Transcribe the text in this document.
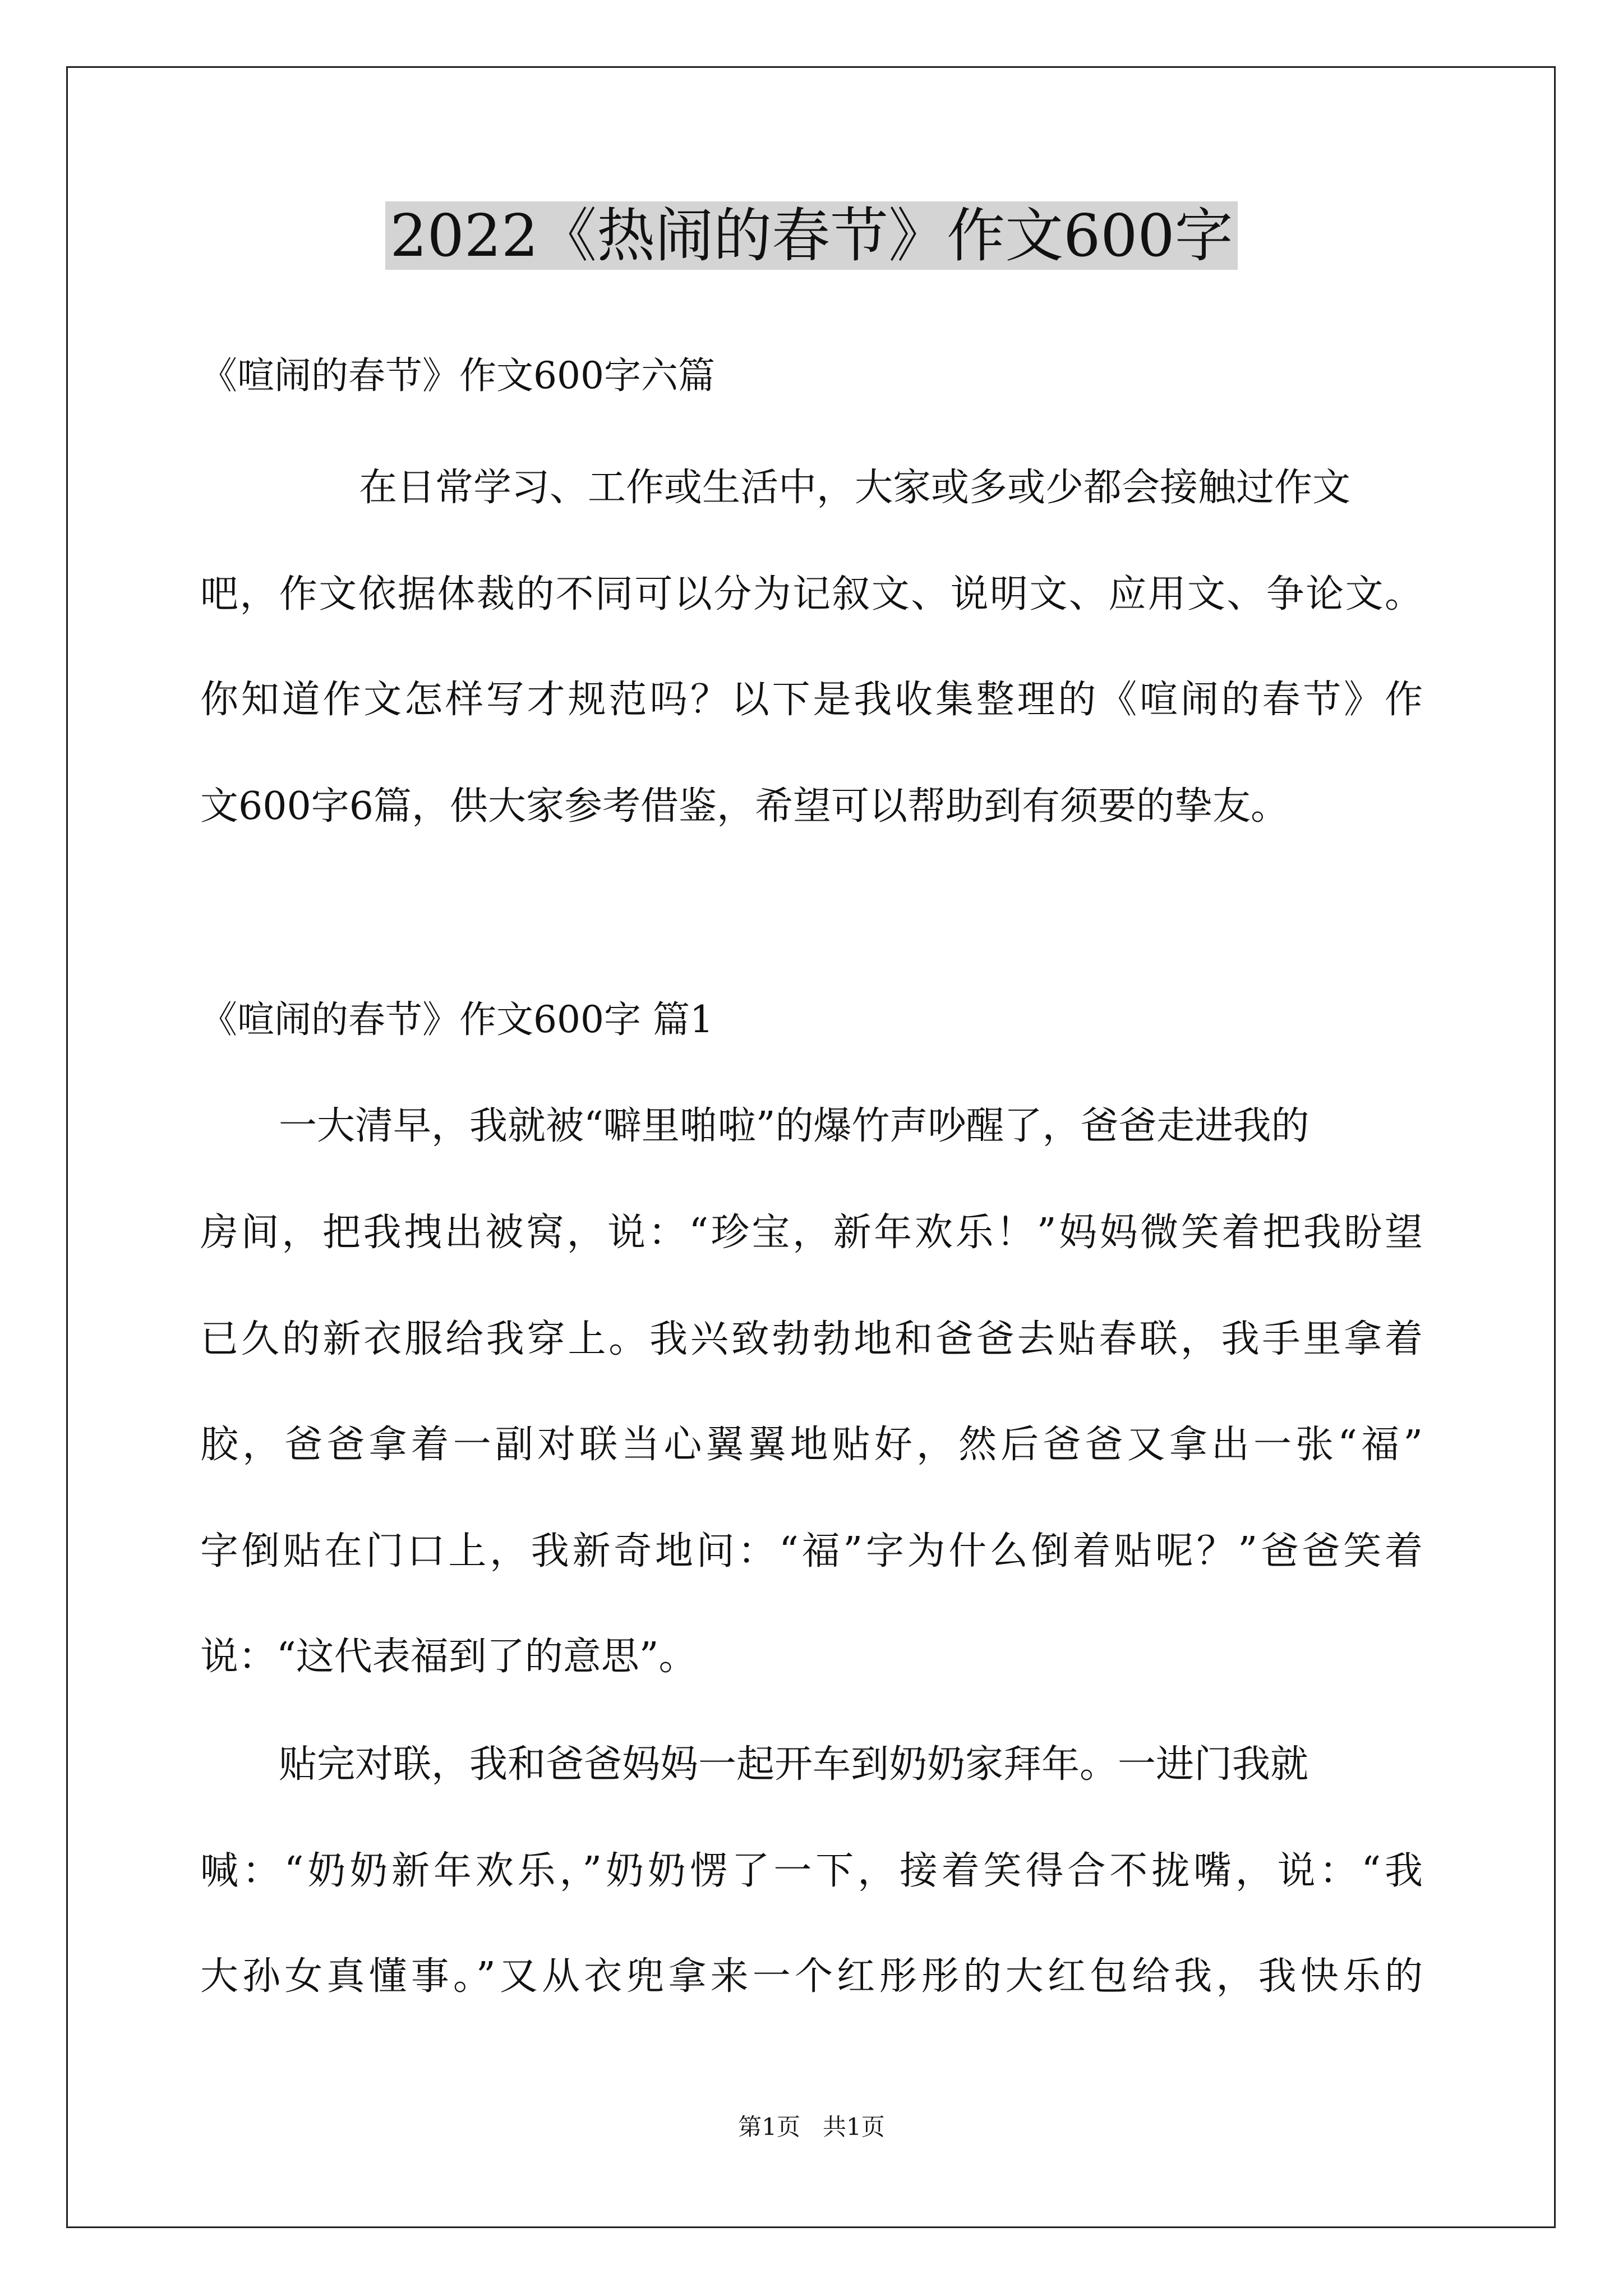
2022《热闹的春节》作文600字
《喧闹的春节》作文600字六篇
在日常学习、工作或生活中，大家或多或少都会接触过作文
吧，作文依据体裁的不同可以分为记叙文、说明文、应用文、争论文。
你知道作文怎样写才规范吗？以下是我收集整理的《喧闹的春节》作
文600字6篇，供大家参考借鉴，希望可以帮助到有须要的挚友。
《喧闹的春节》作文600字 篇1
一大清早，我就被“噼里啪啦”的爆竹声吵醒了，爸爸走进我的
房间，把我拽出被窝，说：“珍宝，新年欢乐！”妈妈微笑着把我盼望
已久的新衣服给我穿上。我兴致勃勃地和爸爸去贴春联，我手里拿着
胶，爸爸拿着一副对联当心翼翼地贴好，然后爸爸又拿出一张“福”
字倒贴在门口上，我新奇地问：“福”字为什么倒着贴呢？”爸爸笑着
说：“这代表福到了的意思”。
贴完对联，我和爸爸妈妈一起开车到奶奶家拜年。一进门我就
喊：“奶奶新年欢乐，”奶奶愣了一下，接着笑得合不拢嘴，说：“我
大孙女真懂事。”又从衣兜拿来一个红彤彤的大红包给我，我快乐的
第1页   共1页
